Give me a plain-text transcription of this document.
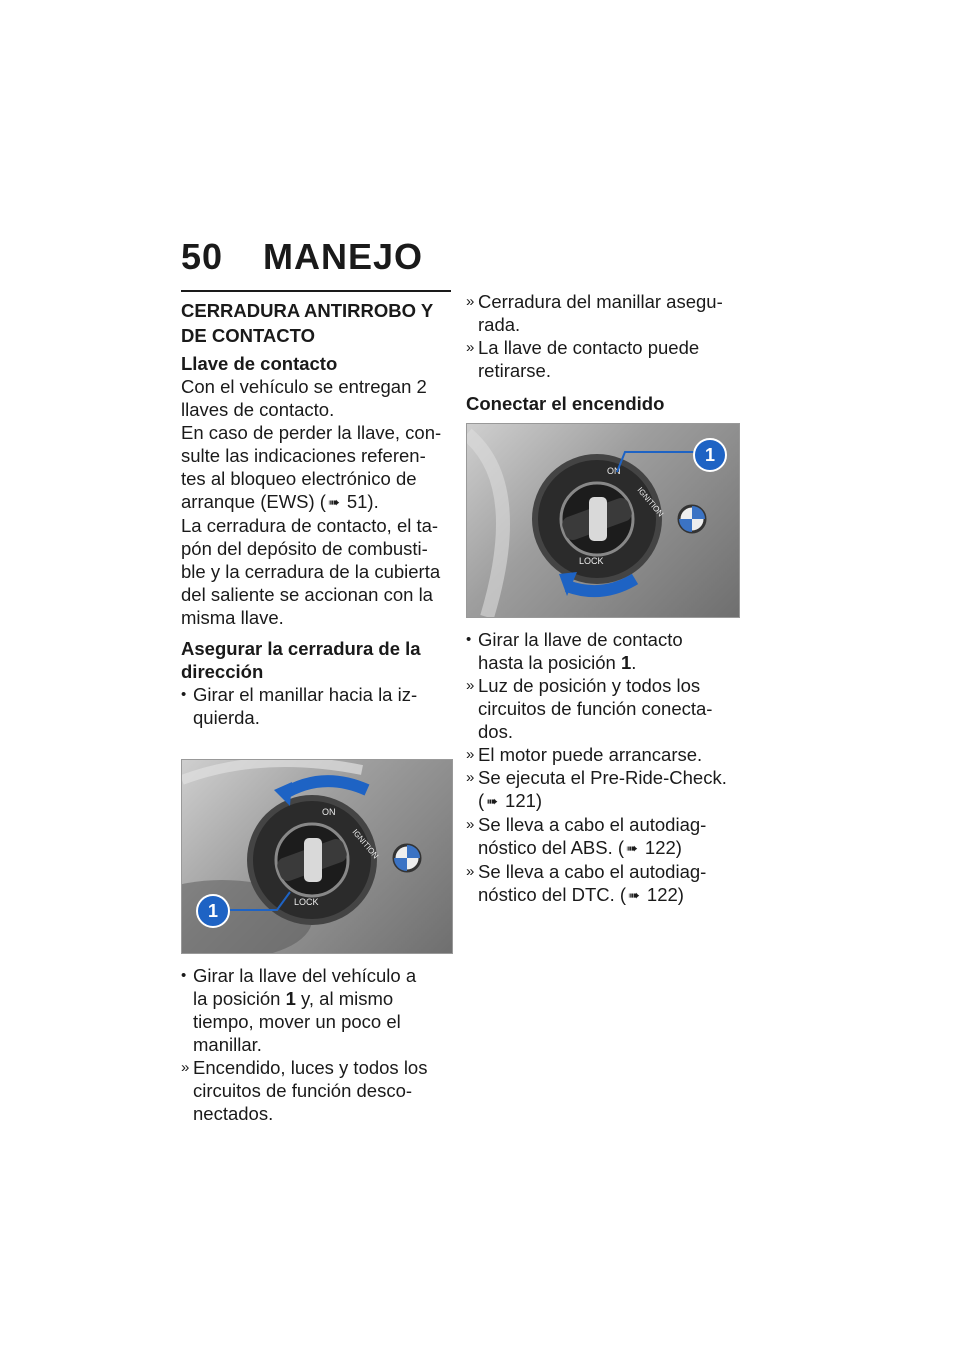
50 MANEJO
CERRADURA ANTIRROBO Y
DE CONTACTO
Llave de contacto

Con el vehículo se entregan 2
llaves de contacto.

En caso de perder la llave, con-
sulte las indicaciones referen-
tes al bloqueo electrónico de
arranque (EWS) ( ➠ 51).

La cerradura de contacto, el ta-
pón del depósito de combusti-
ble y la cerradura de la cubierta
del saliente se accionan con la
misma llave.

Asegurar la cerradura de la
dirección
• Girar el manillar hacia la iz-
quierda.
ON
IGNITION
LOCK
1
• Girar la llave del vehículo a
la posición 1 y, al mismo
tiempo, mover un poco el
manillar.
» Encendido, luces y todos los
circuitos de función desco-
nectados.
» Cerradura del manillar asegu-
rada.
» La llave de contacto puede
retirarse.
Conectar el encendido
ON
IGNITION
LOCK
1
• Girar la llave de contacto
hasta la posición 1.
» Luz de posición y todos los
circuitos de función conecta-
dos.
» El motor puede arrancarse.
» Se ejecuta el Pre-Ride-Check.
( ➠ 121)
» Se lleva a cabo el autodiag-
nóstico del ABS. ( ➠ 122)
» Se lleva a cabo el autodiag-
nóstico del DTC. ( ➠ 122)
